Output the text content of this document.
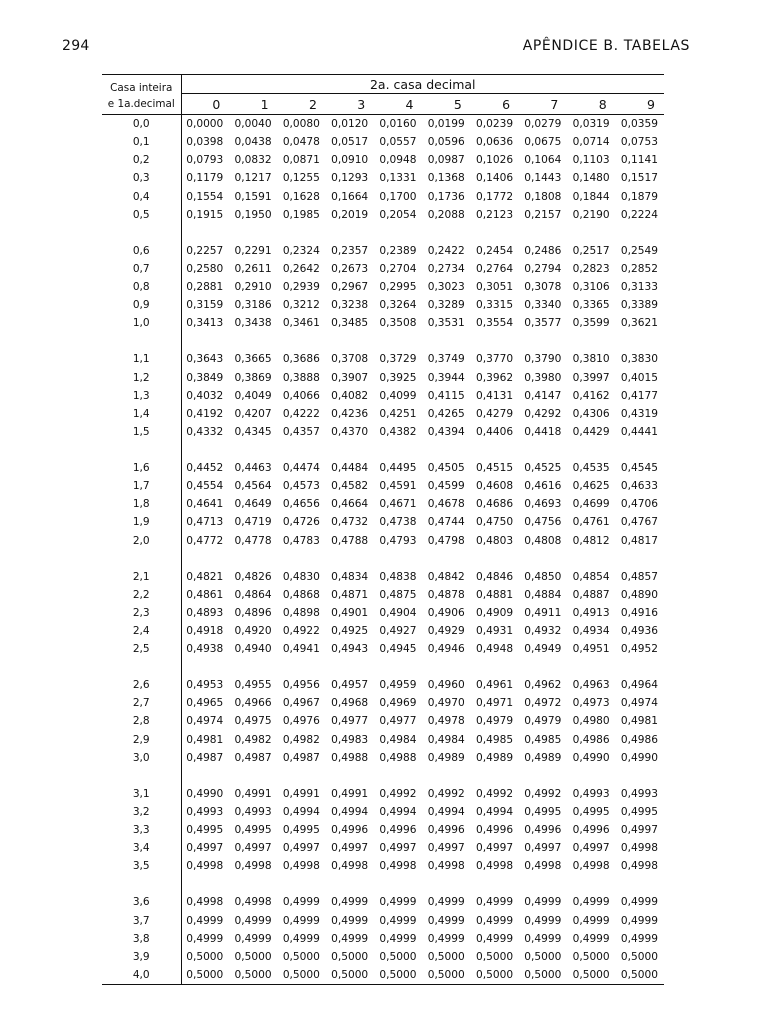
294	APÊNDICE B. TABELAS
Casa inteira	2a. casa decimal									
e 1a.decimal	0	1	2	3	4	5	6	7	8	9
0,0	0,0000	0,0040	0,0080	0,0120	0,0160	0,0199	0,0239	0,0279	0,0319	0,0359
0,1	0,0398	0,0438	0,0478	0,0517	0,0557	0,0596	0,0636	0,0675	0,0714	0,0753
0,2	0,0793	0,0832	0,0871	0,0910	0,0948	0,0987	0,1026	0,1064	0,1103	0,1141
0,3	0,1179	0,1217	0,1255	0,1293	0,1331	0,1368	0,1406	0,1443	0,1480	0,1517
0,4	0,1554	0,1591	0,1628	0,1664	0,1700	0,1736	0,1772	0,1808	0,1844	0,1879
0,5	0,1915	0,1950	0,1985	0,2019	0,2054	0,2088	0,2123	0,2157	0,2190	0,2224

0,6	0,2257	0,2291	0,2324	0,2357	0,2389	0,2422	0,2454	0,2486	0,2517	0,2549
0,7	0,2580	0,2611	0,2642	0,2673	0,2704	0,2734	0,2764	0,2794	0,2823	0,2852
0,8	0,2881	0,2910	0,2939	0,2967	0,2995	0,3023	0,3051	0,3078	0,3106	0,3133
0,9	0,3159	0,3186	0,3212	0,3238	0,3264	0,3289	0,3315	0,3340	0,3365	0,3389
1,0	0,3413	0,3438	0,3461	0,3485	0,3508	0,3531	0,3554	0,3577	0,3599	0,3621

1,1	0,3643	0,3665	0,3686	0,3708	0,3729	0,3749	0,3770	0,3790	0,3810	0,3830
1,2	0,3849	0,3869	0,3888	0,3907	0,3925	0,3944	0,3962	0,3980	0,3997	0,4015
1,3	0,4032	0,4049	0,4066	0,4082	0,4099	0,4115	0,4131	0,4147	0,4162	0,4177
1,4	0,4192	0,4207	0,4222	0,4236	0,4251	0,4265	0,4279	0,4292	0,4306	0,4319
1,5	0,4332	0,4345	0,4357	0,4370	0,4382	0,4394	0,4406	0,4418	0,4429	0,4441

1,6	0,4452	0,4463	0,4474	0,4484	0,4495	0,4505	0,4515	0,4525	0,4535	0,4545
1,7	0,4554	0,4564	0,4573	0,4582	0,4591	0,4599	0,4608	0,4616	0,4625	0,4633
1,8	0,4641	0,4649	0,4656	0,4664	0,4671	0,4678	0,4686	0,4693	0,4699	0,4706
1,9	0,4713	0,4719	0,4726	0,4732	0,4738	0,4744	0,4750	0,4756	0,4761	0,4767
2,0	0,4772	0,4778	0,4783	0,4788	0,4793	0,4798	0,4803	0,4808	0,4812	0,4817

2,1	0,4821	0,4826	0,4830	0,4834	0,4838	0,4842	0,4846	0,4850	0,4854	0,4857
2,2	0,4861	0,4864	0,4868	0,4871	0,4875	0,4878	0,4881	0,4884	0,4887	0,4890
2,3	0,4893	0,4896	0,4898	0,4901	0,4904	0,4906	0,4909	0,4911	0,4913	0,4916
2,4	0,4918	0,4920	0,4922	0,4925	0,4927	0,4929	0,4931	0,4932	0,4934	0,4936
2,5	0,4938	0,4940	0,4941	0,4943	0,4945	0,4946	0,4948	0,4949	0,4951	0,4952

2,6	0,4953	0,4955	0,4956	0,4957	0,4959	0,4960	0,4961	0,4962	0,4963	0,4964
2,7	0,4965	0,4966	0,4967	0,4968	0,4969	0,4970	0,4971	0,4972	0,4973	0,4974
2,8	0,4974	0,4975	0,4976	0,4977	0,4977	0,4978	0,4979	0,4979	0,4980	0,4981
2,9	0,4981	0,4982	0,4982	0,4983	0,4984	0,4984	0,4985	0,4985	0,4986	0,4986
3,0	0,4987	0,4987	0,4987	0,4988	0,4988	0,4989	0,4989	0,4989	0,4990	0,4990

3,1	0,4990	0,4991	0,4991	0,4991	0,4992	0,4992	0,4992	0,4992	0,4993	0,4993
3,2	0,4993	0,4993	0,4994	0,4994	0,4994	0,4994	0,4994	0,4995	0,4995	0,4995
3,3	0,4995	0,4995	0,4995	0,4996	0,4996	0,4996	0,4996	0,4996	0,4996	0,4997
3,4	0,4997	0,4997	0,4997	0,4997	0,4997	0,4997	0,4997	0,4997	0,4997	0,4998
3,5	0,4998	0,4998	0,4998	0,4998	0,4998	0,4998	0,4998	0,4998	0,4998	0,4998

3,6	0,4998	0,4998	0,4999	0,4999	0,4999	0,4999	0,4999	0,4999	0,4999	0,4999
3,7	0,4999	0,4999	0,4999	0,4999	0,4999	0,4999	0,4999	0,4999	0,4999	0,4999
3,8	0,4999	0,4999	0,4999	0,4999	0,4999	0,4999	0,4999	0,4999	0,4999	0,4999
3,9	0,5000	0,5000	0,5000	0,5000	0,5000	0,5000	0,5000	0,5000	0,5000	0,5000
4,0	0,5000	0,5000	0,5000	0,5000	0,5000	0,5000	0,5000	0,5000	0,5000	0,5000
